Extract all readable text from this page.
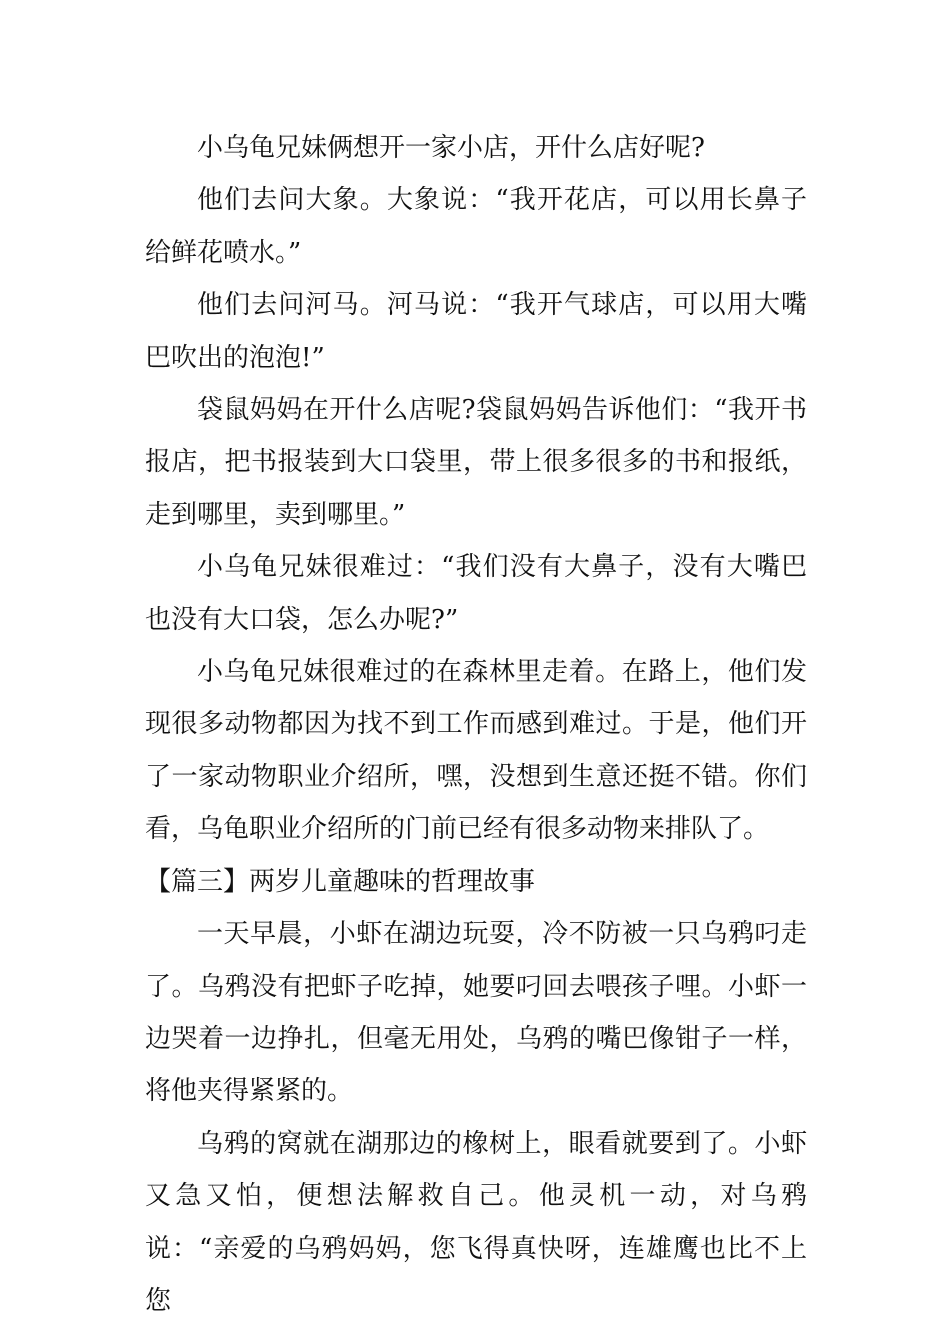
小乌龟兄妹俩想开一家小店，开什么店好呢?

他们去问大象。大象说：“我开花店，可以用长鼻子给鲜花喷水。”

他们去问河马。河马说：“我开气球店，可以用大嘴巴吹出的泡泡!”

袋鼠妈妈在开什么店呢?袋鼠妈妈告诉他们：“我开书报店，把书报装到大口袋里，带上很多很多的书和报纸，走到哪里，卖到哪里。”

小乌龟兄妹很难过：“我们没有大鼻子，没有大嘴巴也没有大口袋，怎么办呢?”

小乌龟兄妹很难过的在森林里走着。在路上，他们发现很多动物都因为找不到工作而感到难过。于是，他们开了一家动物职业介绍所，嘿，没想到生意还挺不错。你们看，乌龟职业介绍所的门前已经有很多动物来排队了。

【篇三】两岁儿童趣味的哲理故事

一天早晨，小虾在湖边玩耍，冷不防被一只乌鸦叼走了。乌鸦没有把虾子吃掉，她要叼回去喂孩子哩。小虾一边哭着一边挣扎，但毫无用处，乌鸦的嘴巴像钳子一样，将他夹得紧紧的。

乌鸦的窝就在湖那边的橡树上，眼看就要到了。小虾又急又怕，便想法解救自己。他灵机一动，对乌鸦说：“亲爱的乌鸦妈妈，您飞得真快呀，连雄鹰也比不上您
